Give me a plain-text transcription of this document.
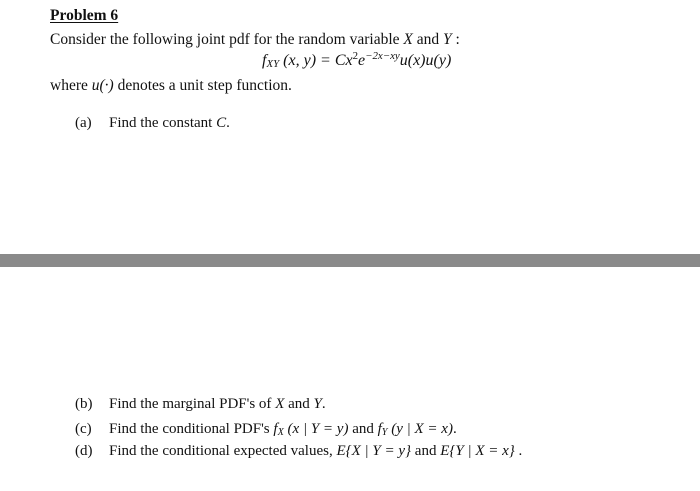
Problem 6
Consider the following joint pdf for the random variable X and Y :
$f_{XY}$ (x, $y) = Cx^2e^{-2x-xy}u(x)u(y)$
where u(·) denotes a unit step function.
(a) Find the constant C.
(b) Find the marginal PDF's of X and Y.
(c) Find the conditional PDF's $f_X$ (x | Y = y) and $f_Y$ (y | X = x).
(d) Find the conditional expected values, E{X | Y = y} and E{Y | X = x} .
